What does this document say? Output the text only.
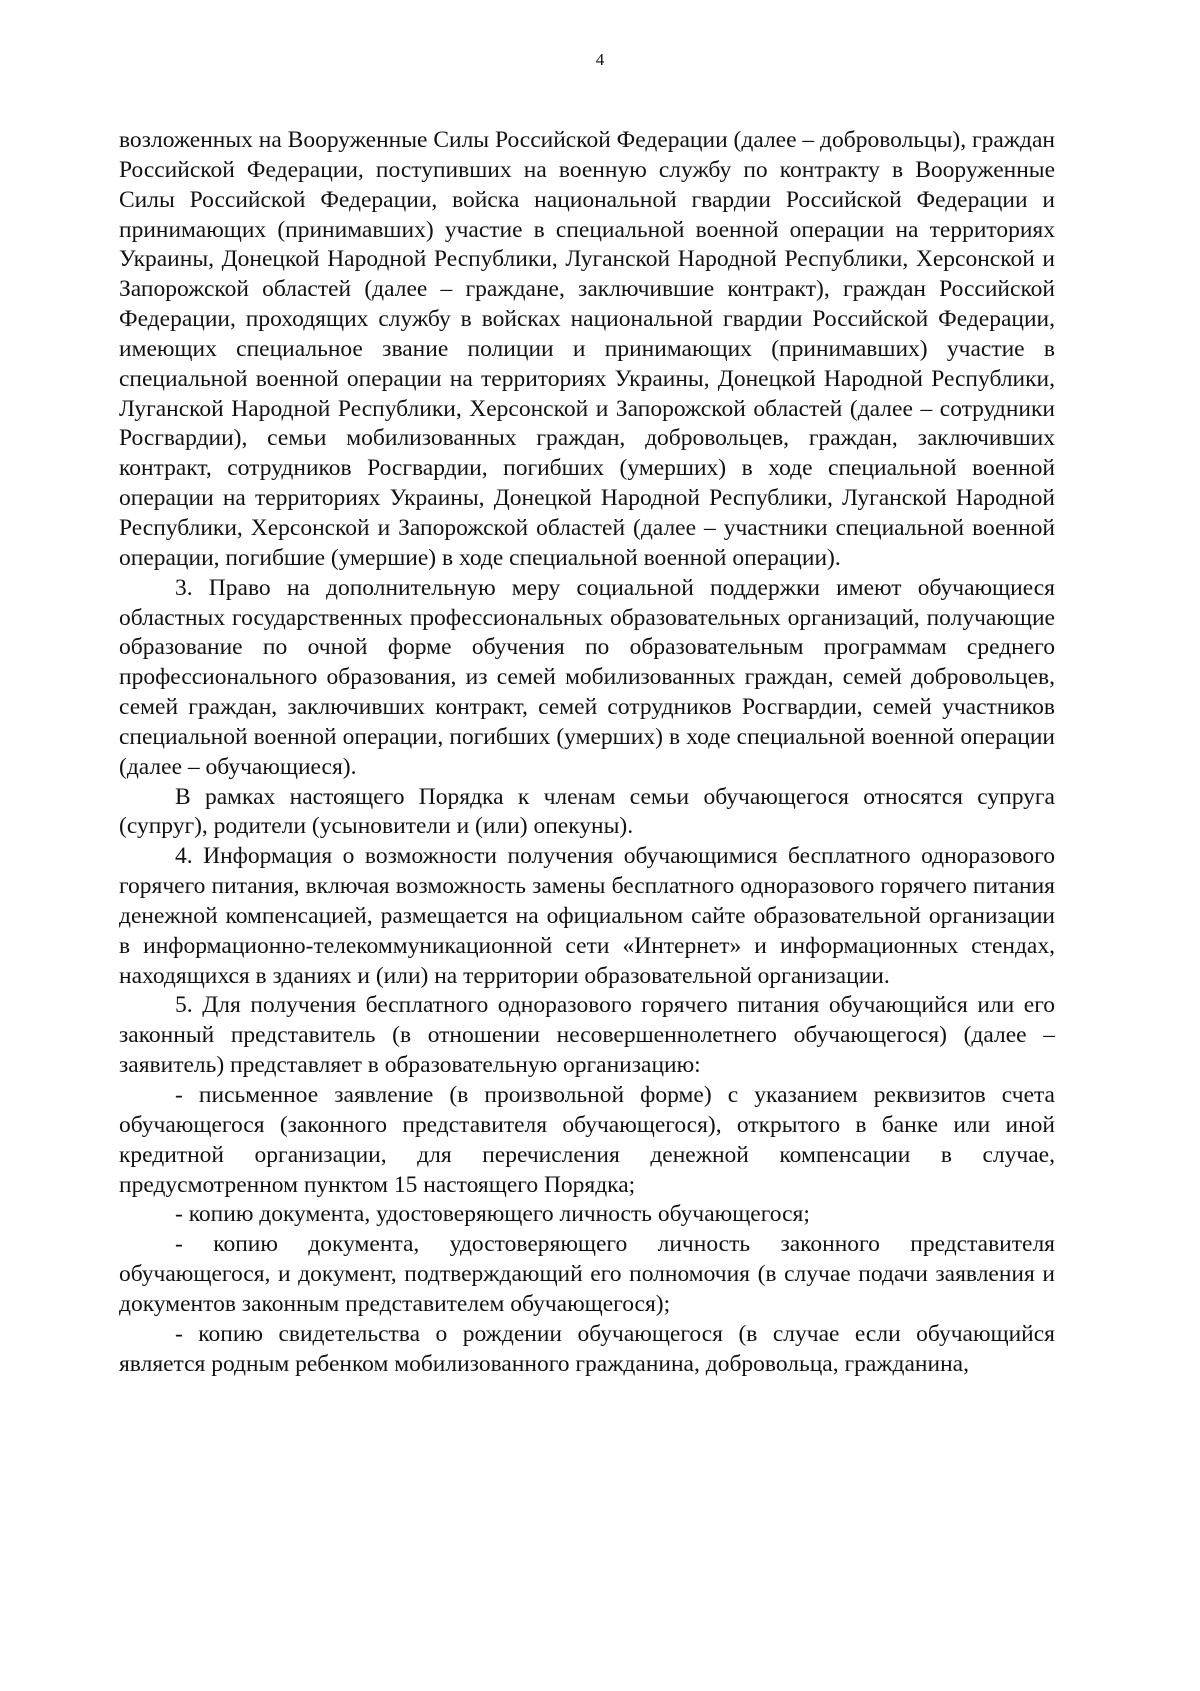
4

возложенных на Вооруженные Силы Российской Федерации (далее – добровольцы), граждан Российской Федерации, поступивших на военную службу по контракту в Вооруженные Силы Российской Федерации, войска национальной гвардии Российской Федерации и принимающих (принимавших) участие в специальной военной операции на территориях Украины, Донецкой Народной Республики, Луганской Народной Республики, Херсонской и Запорожской областей (далее – граждане, заключившие контракт), граждан Российской Федерации, проходящих службу в войсках национальной гвардии Российской Федерации, имеющих специальное звание полиции и принимающих (принимавших) участие в специальной военной операции на территориях Украины, Донецкой Народной Республики, Луганской Народной Республики, Херсонской и Запорожской областей (далее – сотрудники Росгвардии), семьи мобилизованных граждан, добровольцев, граждан, заключивших контракт, сотрудников Росгвардии, погибших (умерших) в ходе специальной военной операции на территориях Украины, Донецкой Народной Республики, Луганской Народной Республики, Херсонской и Запорожской областей (далее – участники специальной военной операции, погибшие (умершие) в ходе специальной военной операции).

3. Право на дополнительную меру социальной поддержки имеют обучающиеся областных государственных профессиональных образовательных организаций, получающие образование по очной форме обучения по образовательным программам среднего профессионального образования, из семей мобилизованных граждан, семей добровольцев, семей граждан, заключивших контракт, семей сотрудников Росгвардии, семей участников специальной военной операции, погибших (умерших) в ходе специальной военной операции (далее – обучающиеся).

В рамках настоящего Порядка к членам семьи обучающегося относятся супруга (супруг), родители (усыновители и (или) опекуны).

4. Информация о возможности получения обучающимися бесплатного одноразового горячего питания, включая возможность замены бесплатного одноразового горячего питания денежной компенсацией, размещается на официальном сайте образовательной организации в информационно-телекоммуникационной сети «Интернет» и информационных стендах, находящихся в зданиях и (или) на территории образовательной организации.

5. Для получения бесплатного одноразового горячего питания обучающийся или его законный представитель (в отношении несовершеннолетнего обучающегося) (далее – заявитель) представляет в образовательную организацию:

- письменное заявление (в произвольной форме) с указанием реквизитов счета обучающегося (законного представителя обучающегося), открытого в банке или иной кредитной организации, для перечисления денежной компенсации в случае, предусмотренном пунктом 15 настоящего Порядка;

- копию документа, удостоверяющего личность обучающегося;

- копию документа, удостоверяющего личность законного представителя обучающегося, и документ, подтверждающий его полномочия (в случае подачи заявления и документов законным представителем обучающегося);

- копию свидетельства о рождении обучающегося (в случае если обучающийся является родным ребенком мобилизованного гражданина, добровольца, гражданина,
